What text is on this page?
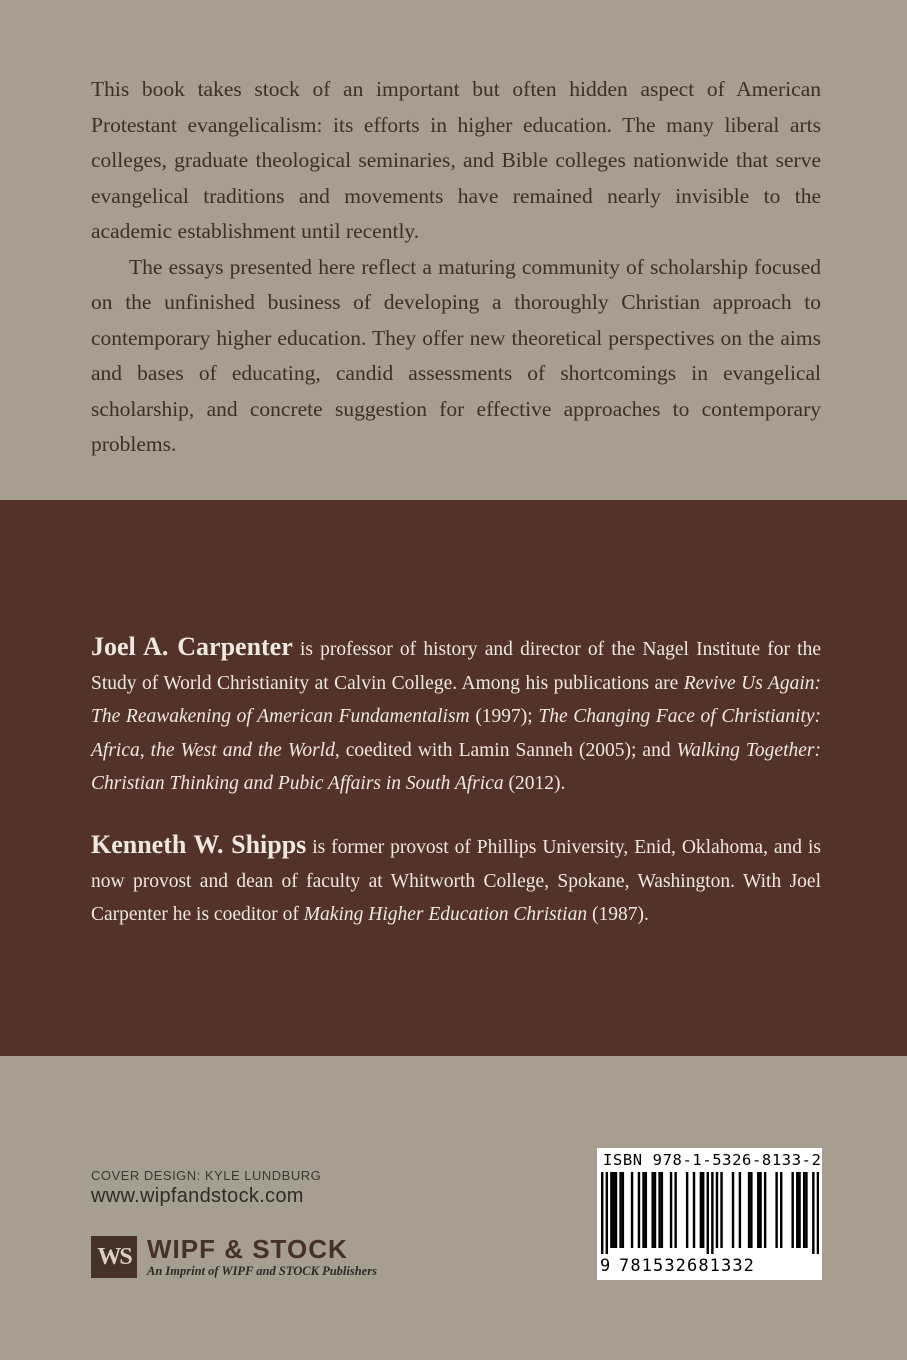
This book takes stock of an important but often hidden aspect of American Protestant evangelicalism: its efforts in higher education. The many liberal arts colleges, graduate theological seminaries, and Bible colleges nationwide that serve evangelical traditions and movements have remained nearly invisible to the academic establishment until recently.

The essays presented here reflect a maturing community of scholarship focused on the unfinished business of developing a thoroughly Christian approach to contemporary higher education. They offer new theoretical perspectives on the aims and bases of educating, candid assessments of shortcomings in evangelical scholarship, and concrete suggestion for effective approaches to contemporary problems.

Joel A. Carpenter is professor of history and director of the Nagel Institute for the Study of World Christianity at Calvin College. Among his publications are Revive Us Again: The Reawakening of American Fundamentalism (1997); The Changing Face of Christianity: Africa, the West and the World, coedited with Lamin Sanneh (2005); and Walking Together: Christian Thinking and Pubic Affairs in South Africa (2012).
Kenneth W. Shipps is former provost of Phillips University, Enid, Oklahoma, and is now provost and dean of faculty at Whitworth College, Spokane, Washington. With Joel Carpenter he is coeditor of Making Higher Education Christian (1987).
COVER DESIGN: KYLE LUNDBURG
www.wipfandstock.com
WS WIPF & STOCK
An Imprint of WIPF and STOCK Publishers
ISBN 978-1-5326-8133-2
9 781532681332
